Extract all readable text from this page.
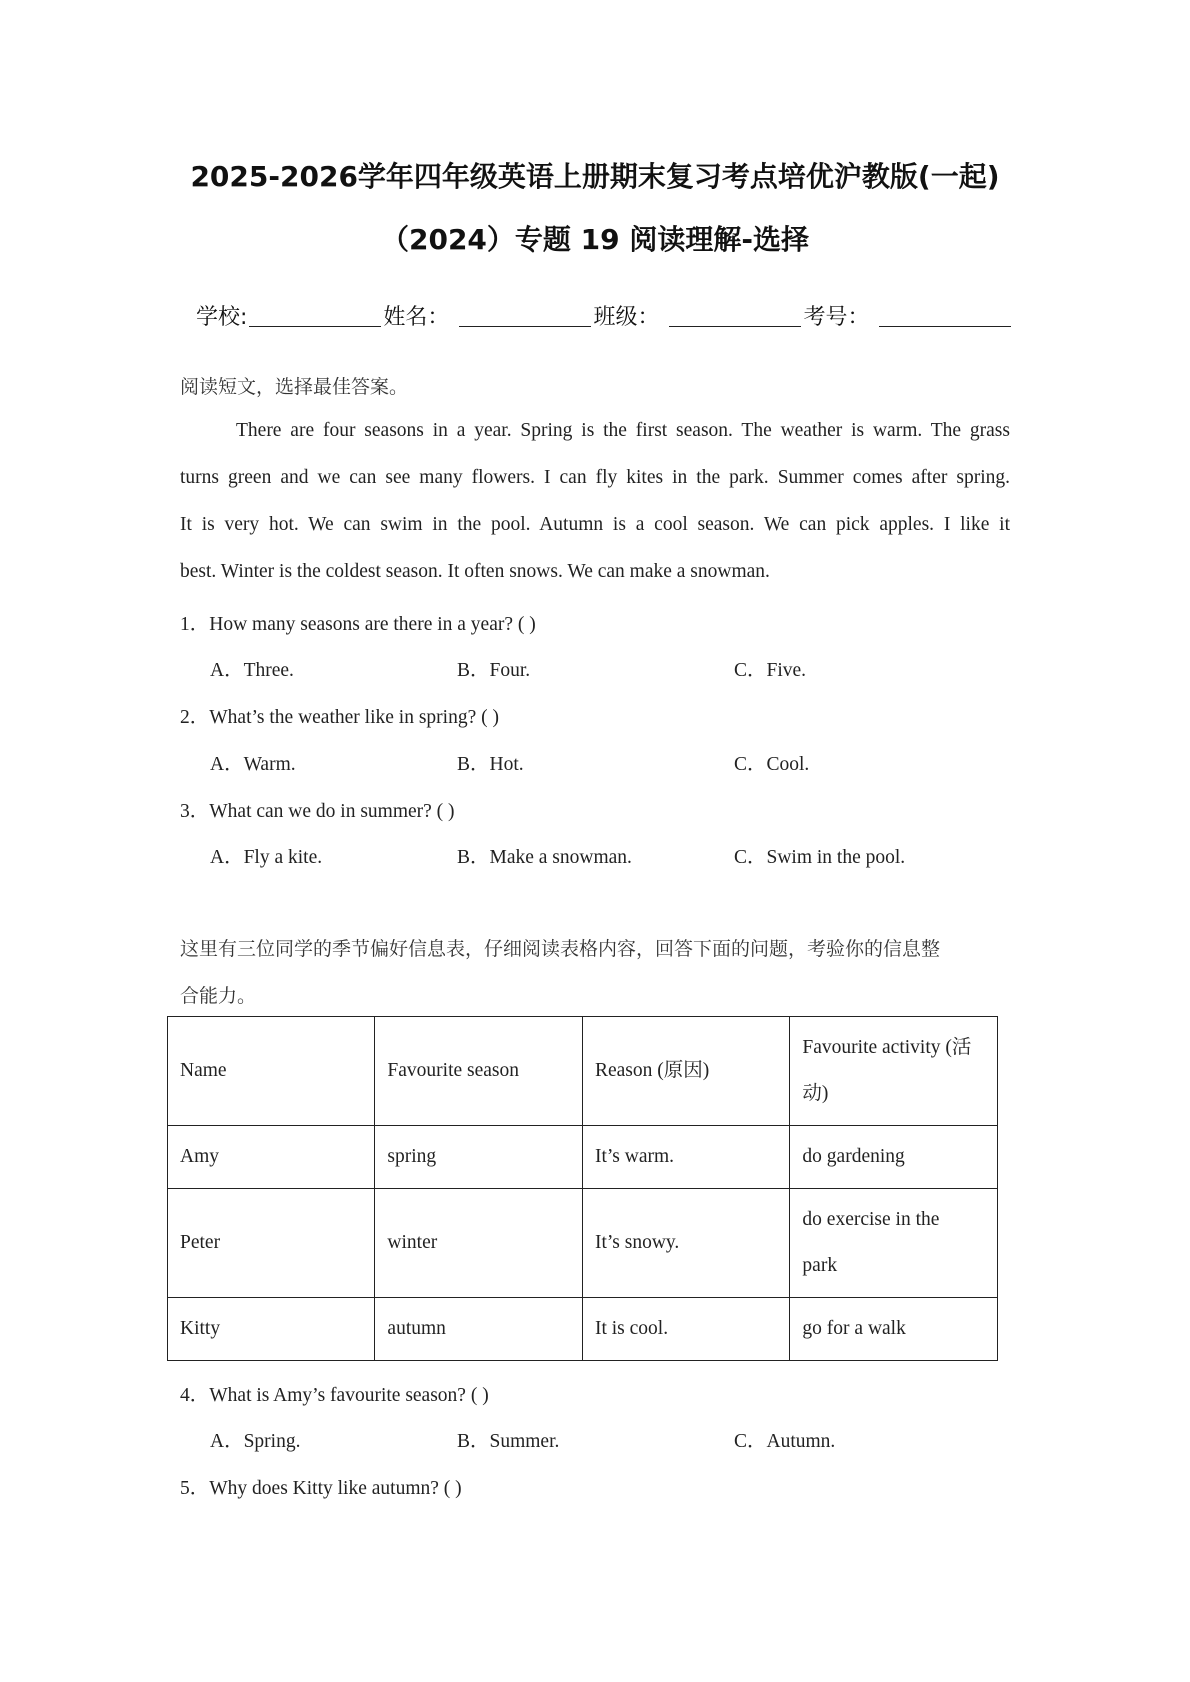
2025-2026学年四年级英语上册期末复习考点培优沪教版(一起)
（2024）专题 19 阅读理解-选择
学校:	姓名：	班级：	考号：
阅读短文，选择最佳答案。
There are four seasons in a year. Spring is the first season. The weather is warm. The grass
turns green and we can see many flowers. I can fly kites in the park. Summer comes after spring.
It is very hot. We can swim in the pool. Autumn is a cool season. We can pick apples. I like it
best. Winter is the coldest season. It often snows. We can make a snowman.
1．How many seasons are there in a year? ( )
A．Three.	B．Four.	C．Five.
2．What’s the weather like in spring? ( )
A．Warm.	B．Hot.	C．Cool.
3．What can we do in summer? ( )
A．Fly a kite.	B．Make a snowman.	C．Swim in the pool.
这里有三位同学的季节偏好信息表，仔细阅读表格内容，回答下面的问题，考验你的信息整
合能力。
Name	Favourite season	Reason (原因)	Favourite activity (活
动)

Amy	spring	It’s warm.	do gardening
Peter	winter	It’s snowy.	do exercise in the
park

Kitty	autumn	It is cool.	go for a walk
4．What is Amy’s favourite season? ( )
A．Spring.	B．Summer.	C．Autumn.
5．Why does Kitty like autumn? ( )
